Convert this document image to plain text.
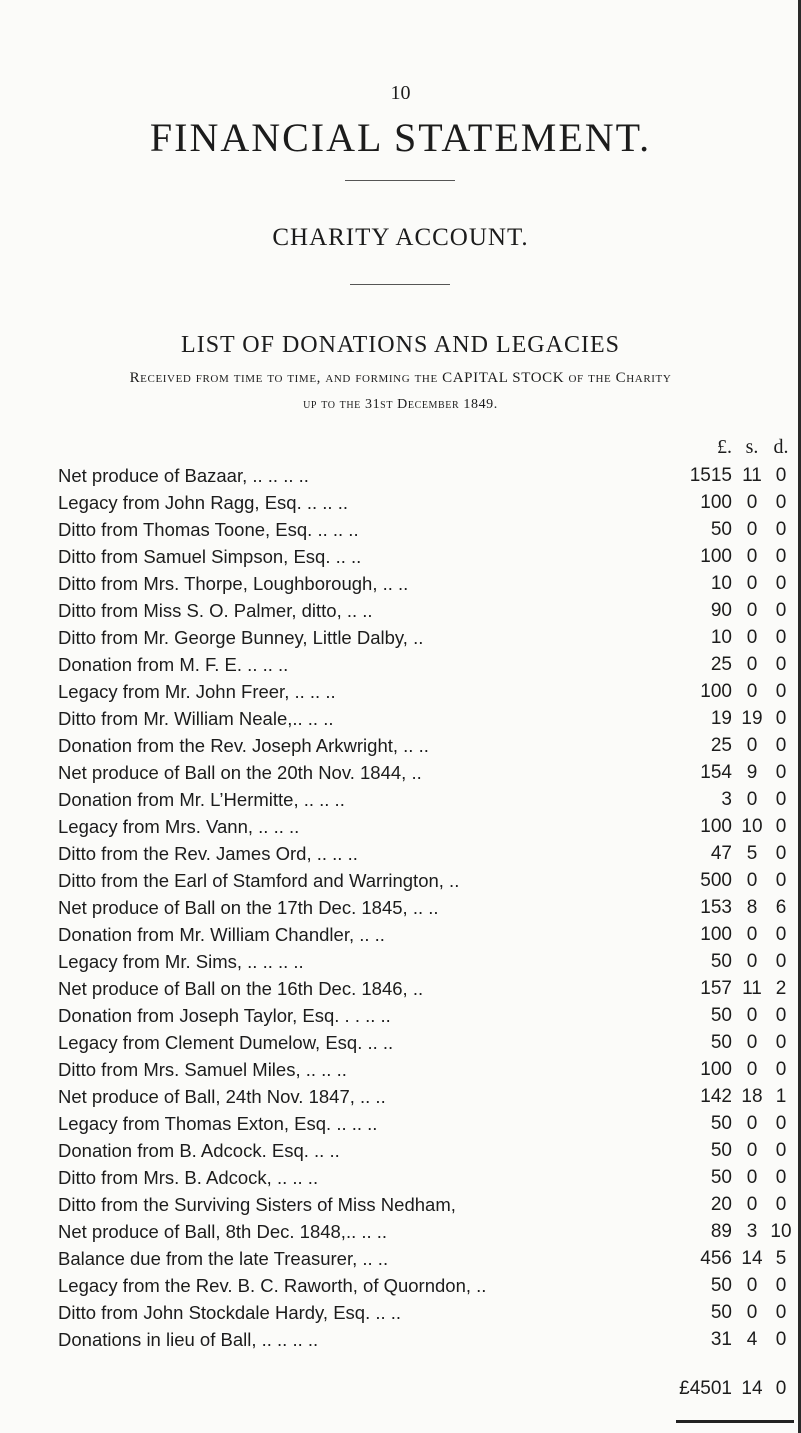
10
FINANCIAL STATEMENT.
CHARITY ACCOUNT.
LIST OF DONATIONS AND LEGACIES
Received from time to time, and forming the CAPITAL STOCK of the Charity
up to the 31st December 1849.
£. s. d.
Net produce of Bazaar, .. .. .. ..	1515 11 0
Legacy from John Ragg, Esq. .. .. ..	100 0 0
Ditto from Thomas Toone, Esq. .. .. ..	50 0 0
Ditto from Samuel Simpson, Esq. .. ..	100 0 0
Ditto from Mrs. Thorpe, Loughborough, .. ..	10 0 0
Ditto from Miss S. O. Palmer, ditto, .. ..	90 0 0
Ditto from Mr. George Bunney, Little Dalby, ..	10 0 0
Donation from M. F. E. .. .. ..	25 0 0
Legacy from Mr. John Freer, .. .. ..	100 0 0
Ditto from Mr. William Neale,.. .. ..	19 19 0
Donation from the Rev. Joseph Arkwright, .. ..	25 0 0
Net produce of Ball on the 20th Nov. 1844, ..	154 9 0
Donation from Mr. L’Hermitte, .. .. ..	3 0 0
Legacy from Mrs. Vann, .. .. ..	100 10 0
Ditto from the Rev. James Ord, .. .. ..	47 5 0
Ditto from the Earl of Stamford and Warrington, ..	500 0 0
Net produce of Ball on the 17th Dec. 1845, .. ..	153 8 6
Donation from Mr. William Chandler, .. ..	100 0 0
Legacy from Mr. Sims, .. .. .. ..	50 0 0
Net produce of Ball on the 16th Dec. 1846, ..	157 11 2
Donation from Joseph Taylor, Esq. . . .. ..	50 0 0
Legacy from Clement Dumelow, Esq. .. ..	50 0 0
Ditto from Mrs. Samuel Miles, .. .. ..	100 0 0
Net produce of Ball, 24th Nov. 1847, .. ..	142 18 1
Legacy from Thomas Exton, Esq. .. .. ..	50 0 0
Donation from B. Adcock. Esq. .. ..	50 0 0
Ditto from Mrs. B. Adcock, .. .. ..	50 0 0
Ditto from the Surviving Sisters of Miss Nedham,	20 0 0
Net produce of Ball, 8th Dec. 1848,.. .. ..	89 3 10
Balance due from the late Treasurer, .. ..	456 14 5
Legacy from the Rev. B. C. Raworth, of Quorndon, ..	50 0 0
Ditto from John Stockdale Hardy, Esq. .. ..	50 0 0
Donations in lieu of Ball, .. .. .. ..	31 4 0
£4501 14 0
